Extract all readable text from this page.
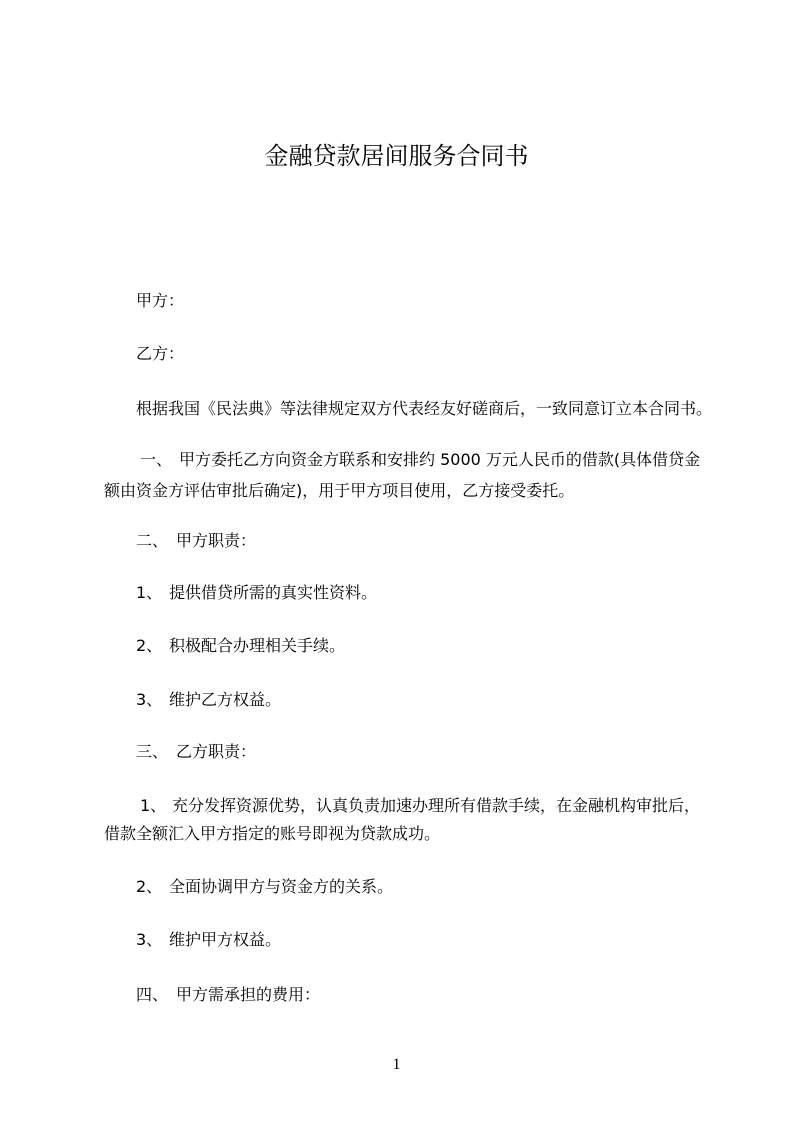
金融贷款居间服务合同书
甲方：
乙方：
根据我国《民法典》等法律规定双方代表经友好磋商后，一致同意订立本合同书。
一、 甲方委托乙方向资金方联系和安排约 5000 万元人民币的借款(具体借贷金
额由资金方评估审批后确定)，用于甲方项目使用，乙方接受委托。
二、 甲方职责：
1、 提供借贷所需的真实性资料。
2、 积极配合办理相关手续。
3、 维护乙方权益。
三、 乙方职责：
1、 充分发挥资源优势，认真负责加速办理所有借款手续，在金融机构审批后，
借款全额汇入甲方指定的账号即视为贷款成功。
2、 全面协调甲方与资金方的关系。
3、 维护甲方权益。
四、 甲方需承担的费用：
1
